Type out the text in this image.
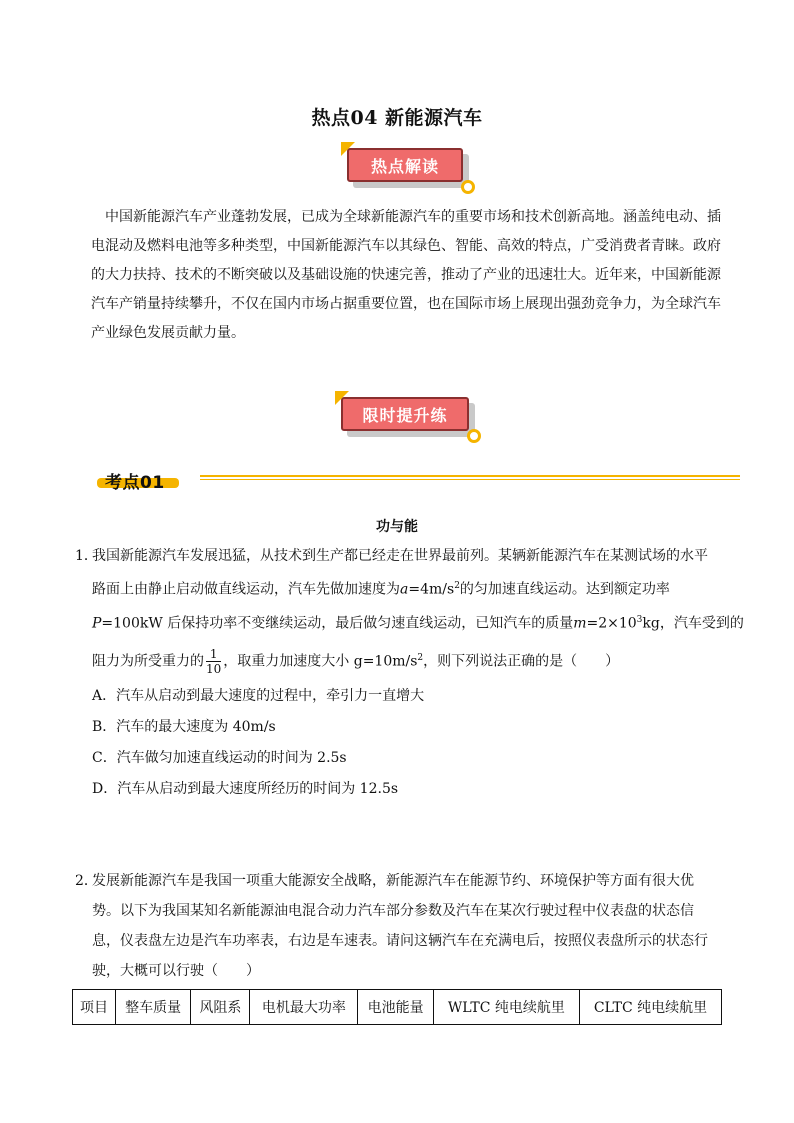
热点04 新能源汽车
热点解读
中国新能源汽车产业蓬勃发展，已成为全球新能源汽车的重要市场和技术创新高地。涵盖纯电动、插电混动及燃料电池等多种类型，中国新能源汽车以其绿色、智能、高效的特点，广受消费者青睐。政府的大力扶持、技术的不断突破以及基础设施的快速完善，推动了产业的迅速壮大。近年来，中国新能源汽车产销量持续攀升，不仅在国内市场占据重要位置，也在国际市场上展现出强劲竞争力，为全球汽车产业绿色发展贡献力量。
限时提升练
考点01
功与能
1．
我国新能源汽车发展迅猛，从技术到生产都已经走在世界最前列。某辆新能源汽车在某测试场的水平
路面上由静止启动做直线运动，汽车先做加速度为$a=4m/s^2$的匀加速直线运动。达到额定功率
P=100kW 后保持功率不变继续运动，最后做匀速直线运动，已知汽车的质量$m=2\times 10^3kg$，汽车受到的
阻力为所受重力的 $\frac{1}{10}$ ，取重力加速度大小 $g=10m/s^2$，则下列说法正确的是（　　）
A．汽车从启动到最大速度的过程中，牵引力一直增大
B．汽车的最大速度为 40m/s
C．汽车做匀加速直线运动的时间为 2.5s
D．汽车从启动到最大速度所经历的时间为 12.5s
2．
发展新能源汽车是我国一项重大能源安全战略，新能源汽车在能源节约、环境保护等方面有很大优
势。以下为我国某知名新能源油电混合动力汽车部分参数及汽车在某次行驶过程中仪表盘的状态信
息，仪表盘左边是汽车功率表，右边是车速表。请问这辆汽车在充满电后，按照仪表盘所示的状态行
驶，大概可以行驶（　　）
项目	整车质量	风阻系	电机最大功率	电池能量	WLTC 纯电续航里	CLTC 纯电续航里
